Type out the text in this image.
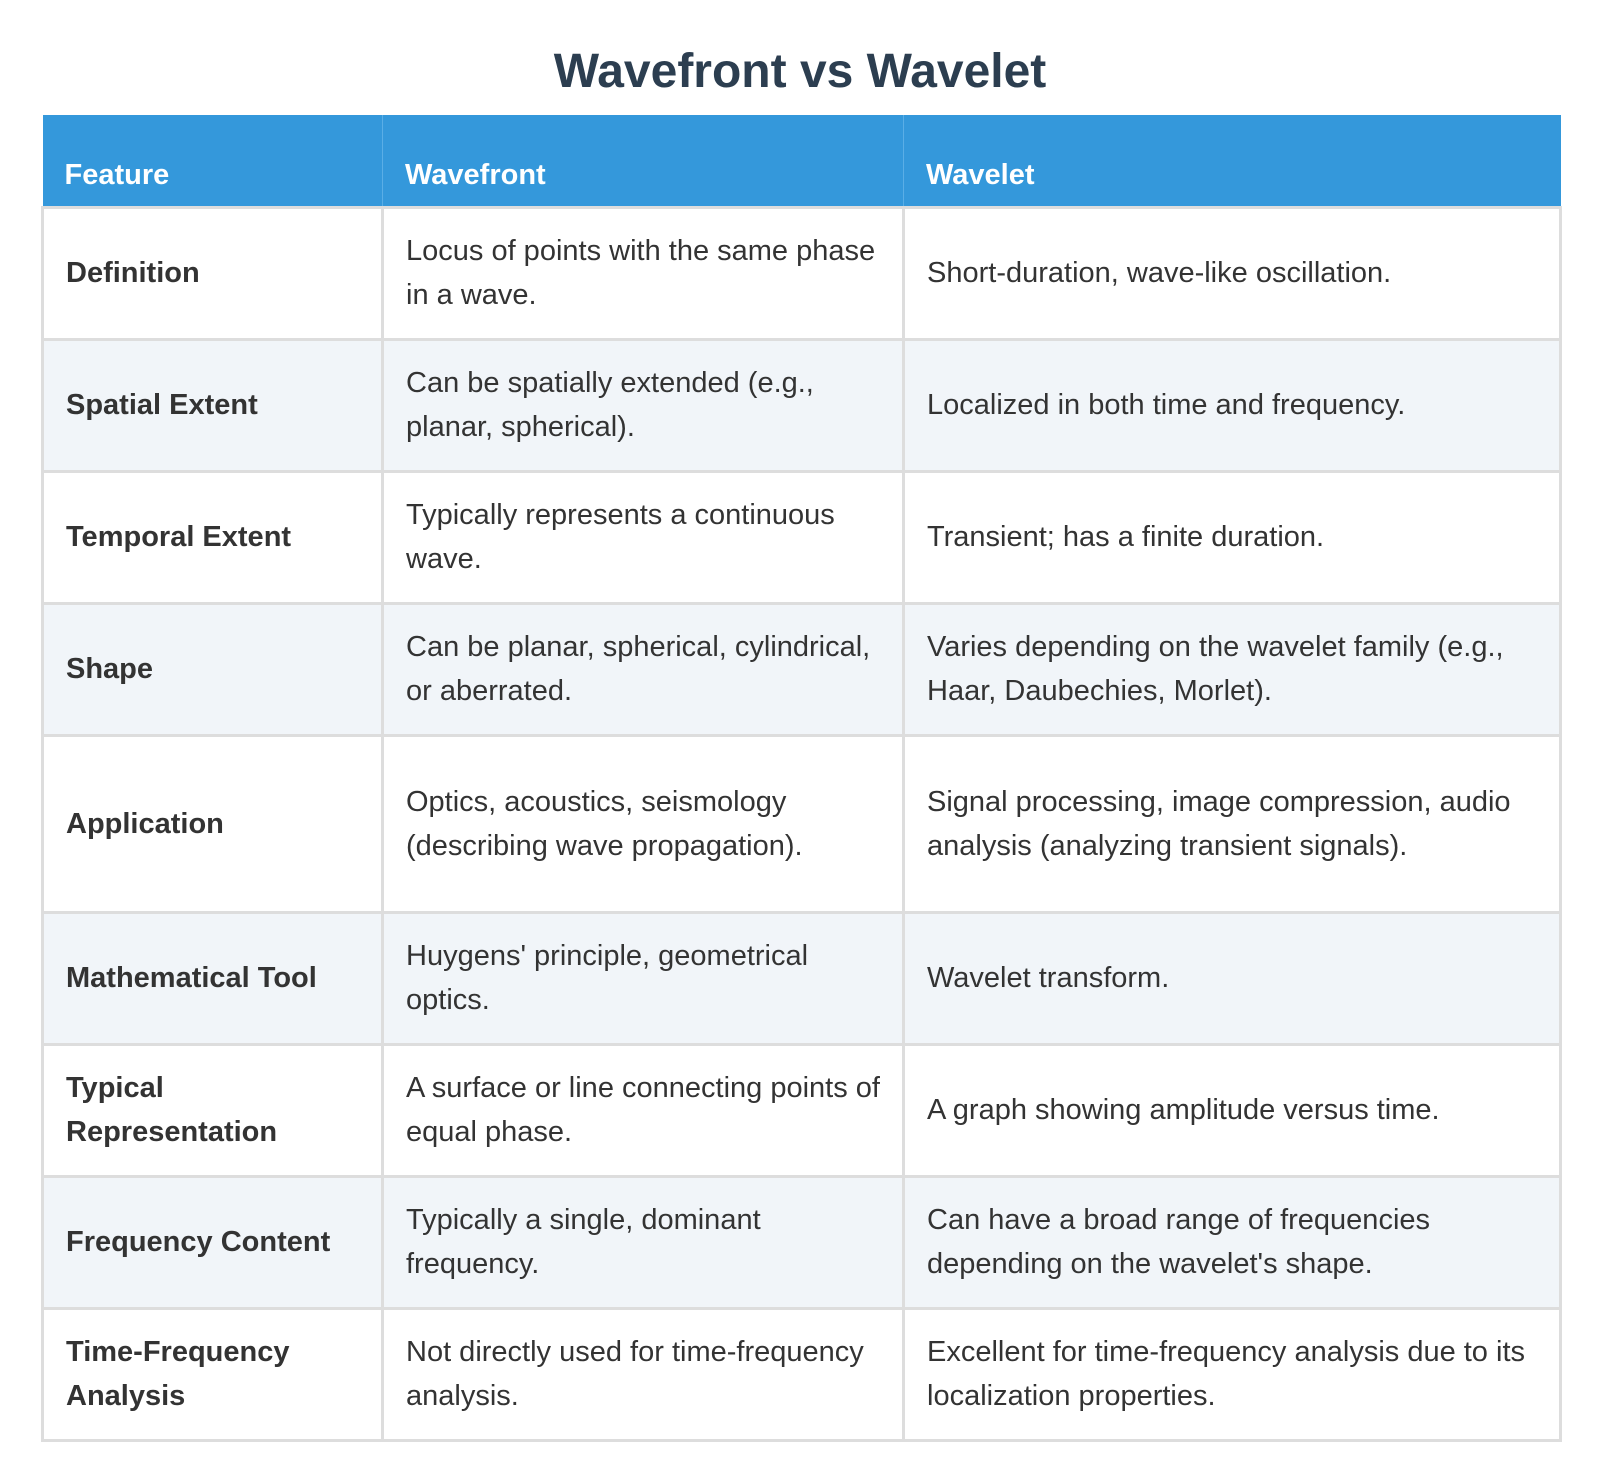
Wavefront vs Wavelet
Feature	Wavefront	Wavelet
Definition	Locus of points with the same phase in a wave.	Short-duration, wave-like oscillation.
Spatial Extent	Can be spatially extended (e.g., planar, spherical).	Localized in both time and frequency.
Temporal Extent	Typically represents a continuous wave.	Transient; has a finite duration.
Shape	Can be planar, spherical, cylindrical, or aberrated.	Varies depending on the wavelet family (e.g., Haar, Daubechies, Morlet).
Application	Optics, acoustics, seismology (describing wave propagation).	Signal processing, image compression, audio analysis (analyzing transient signals).
Mathematical Tool	Huygens' principle, geometrical optics.	Wavelet transform.
Typical Representation	A surface or line connecting points of equal phase.	A graph showing amplitude versus time.
Frequency Content	Typically a single, dominant frequency.	Can have a broad range of frequencies depending on the wavelet's shape.
Time-Frequency Analysis	Not directly used for time-frequency analysis.	Excellent for time-frequency analysis due to its localization properties.
